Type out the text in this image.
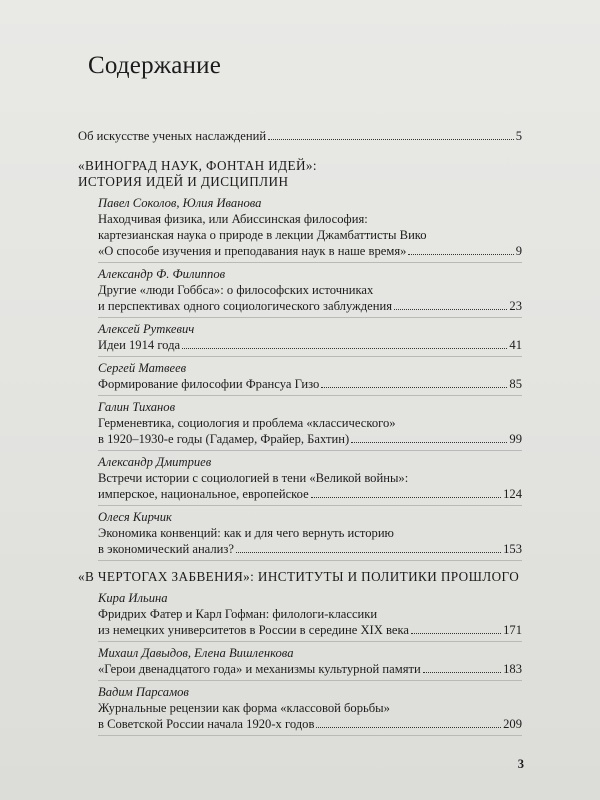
Содержание
Об искусстве ученых наслаждений	5
«ВИНОГРАД НАУК, ФОНТАН ИДЕЙ»:
ИСТОРИЯ ИДЕЙ И ДИСЦИПЛИН
Павел Соколов, Юлия Иванова
Находчивая физика, или Абиссинская философия:
картезианская наука о природе в лекции Джамбаттисты Вико
«О способе изучения и преподавания наук в наше время»	9
Александр Ф. Филиппов
Другие «люди Гоббса»: о философских источниках
и перспективах одного социологического заблуждения	23
Алексей Руткевич
Идеи 1914 года	41
Сергей Матвеев
Формирование философии Франсуа Гизо	85
Галин Тиханов
Герменевтика, социология и проблема «классического»
в 1920–1930-е годы (Гадамер, Фрайер, Бахтин)	99
Александр Дмитриев
Встречи истории с социологией в тени «Великой войны»:
имперское, национальное, европейское	124
Олеся Кирчик
Экономика конвенций: как и для чего вернуть историю
в экономический анализ?	153
«В ЧЕРТОГАХ ЗАБВЕНИЯ»: ИНСТИТУТЫ И ПОЛИТИКИ ПРОШЛОГО
Кира Ильина
Фридрих Фатер и Карл Гофман: филологи-классики
из немецких университетов в России в середине XIX века	171
Михаил Давыдов, Елена Вишленкова
«Герои двенадцатого года» и механизмы культурной памяти	183
Вадим Парсамов
Журнальные рецензии как форма «классовой борьбы»
в Советской России начала 1920-х годов	209
3
